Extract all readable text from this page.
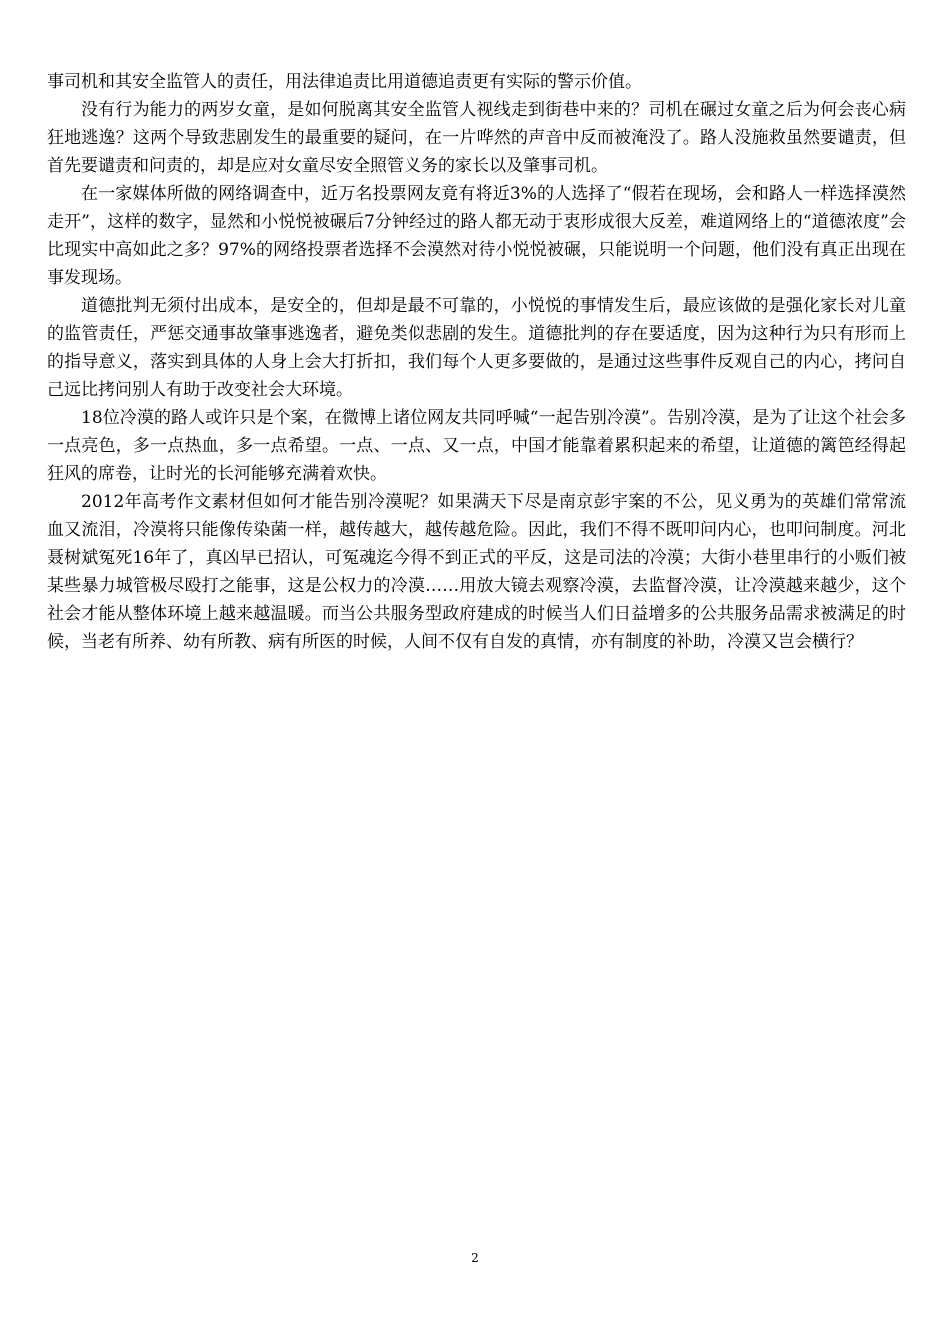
事司机和其安全监管人的责任，用法律追责比用道德追责更有实际的警示价值。

没有行为能力的两岁女童，是如何脱离其安全监管人视线走到街巷中来的？司机在碾过女童之后为何会丧心病狂地逃逸？这两个导致悲剧发生的最重要的疑问，在一片哗然的声音中反而被淹没了。路人没施救虽然要谴责，但首先要谴责和问责的，却是应对女童尽安全照管义务的家长以及肇事司机。

在一家媒体所做的网络调查中，近万名投票网友竟有将近3%的人选择了“假若在现场，会和路人一样选择漠然走开”，这样的数字，显然和小悦悦被碾后7分钟经过的路人都无动于衷形成很大反差，难道网络上的“道德浓度”会比现实中高如此之多？97%的网络投票者选择不会漠然对待小悦悦被碾，只能说明一个问题，他们没有真正出现在事发现场。

道德批判无须付出成本，是安全的，但却是最不可靠的，小悦悦的事情发生后，最应该做的是强化家长对儿童的监管责任，严惩交通事故肇事逃逸者，避免类似悲剧的发生。道德批判的存在要适度，因为这种行为只有形而上的指导意义，落实到具体的人身上会大打折扣，我们每个人更多要做的，是通过这些事件反观自己的内心，拷问自己远比拷问别人有助于改变社会大环境。

18位冷漠的路人或许只是个案，在微博上诸位网友共同呼喊“一起告别冷漠”。告别冷漠，是为了让这个社会多一点亮色，多一点热血，多一点希望。一点、一点、又一点，中国才能靠着累积起来的希望，让道德的篱笆经得起狂风的席卷，让时光的长河能够充满着欢快。

2012年高考作文素材但如何才能告别冷漠呢？如果满天下尽是南京彭宇案的不公，见义勇为的英雄们常常流血又流泪，冷漠将只能像传染菌一样，越传越大，越传越危险。因此，我们不得不既叩问内心，也叩问制度。河北聂树斌冤死16年了，真凶早已招认，可冤魂迄今得不到正式的平反，这是司法的冷漠；大街小巷里串行的小贩们被某些暴力城管极尽殴打之能事，这是公权力的冷漠……用放大镜去观察冷漠，去监督冷漠，让冷漠越来越少，这个社会才能从整体环境上越来越温暖。而当公共服务型政府建成的时候当人们日益增多的公共服务品需求被满足的时候，当老有所养、幼有所教、病有所医的时候，人间不仅有自发的真情，亦有制度的补助，冷漠又岂会横行？

2
